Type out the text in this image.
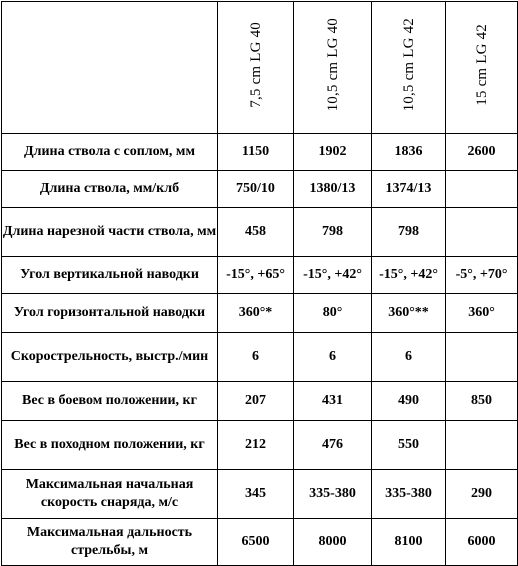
	7,5 cm LG 40	10,5 cm LG 40	10,5 cm LG 42	15 cm LG 42
Длина ствола с соплом, мм	1150	1902	1836	2600
Длина ствола, мм/клб	750/10	1380/13	1374/13	
Длина нарезной части ствола, мм	458	798	798	
Угол вертикальной наводки	-15°, +65°	-15°, +42°	-15°, +42°	-5°, +70°
Угол горизонтальной наводки	360°*	80°	360°**	360°
Скорострельность, выстр./мин	6	6	6	
Вес в боевом положении, кг	207	431	490	850
Вес в походном положении, кг	212	476	550	
Максимальная начальная скорость снаряда, м/с	345	335-380	335-380	290
Максимальная дальность стрельбы, м	6500	8000	8100	6000
